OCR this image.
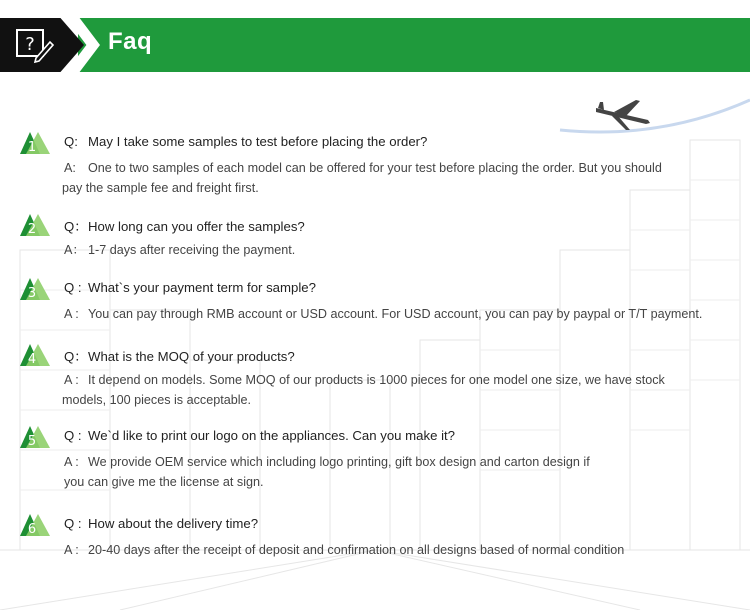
?	Faq
1	Q: May I take some samples to test before placing the order?
A: One to two samples of each model can be offered for your test before placing the order. But you should
pay the sample fee and freight first.
2	Q：How long can you offer the samples?
A： 1-7 days after receiving the payment.
3	Q : What`s your payment term for sample?
A : You can pay through RMB account or USD account. For USD account, you can pay by paypal or T/T payment.
4	Q：What is the MOQ of your products?
A : It depend on models. Some MOQ of our products is 1000 pieces for one model one size, we have stock
models, 100 pieces is acceptable.
5	Q : We`d like to print our logo on the appliances. Can you make it?
A : We provide OEM service which including logo printing, gift box design and carton design if
you can give me the license at sign.
6	Q : How about the delivery time?
A : 20-40 days after the receipt of deposit and confirmation on all designs based of normal condition
